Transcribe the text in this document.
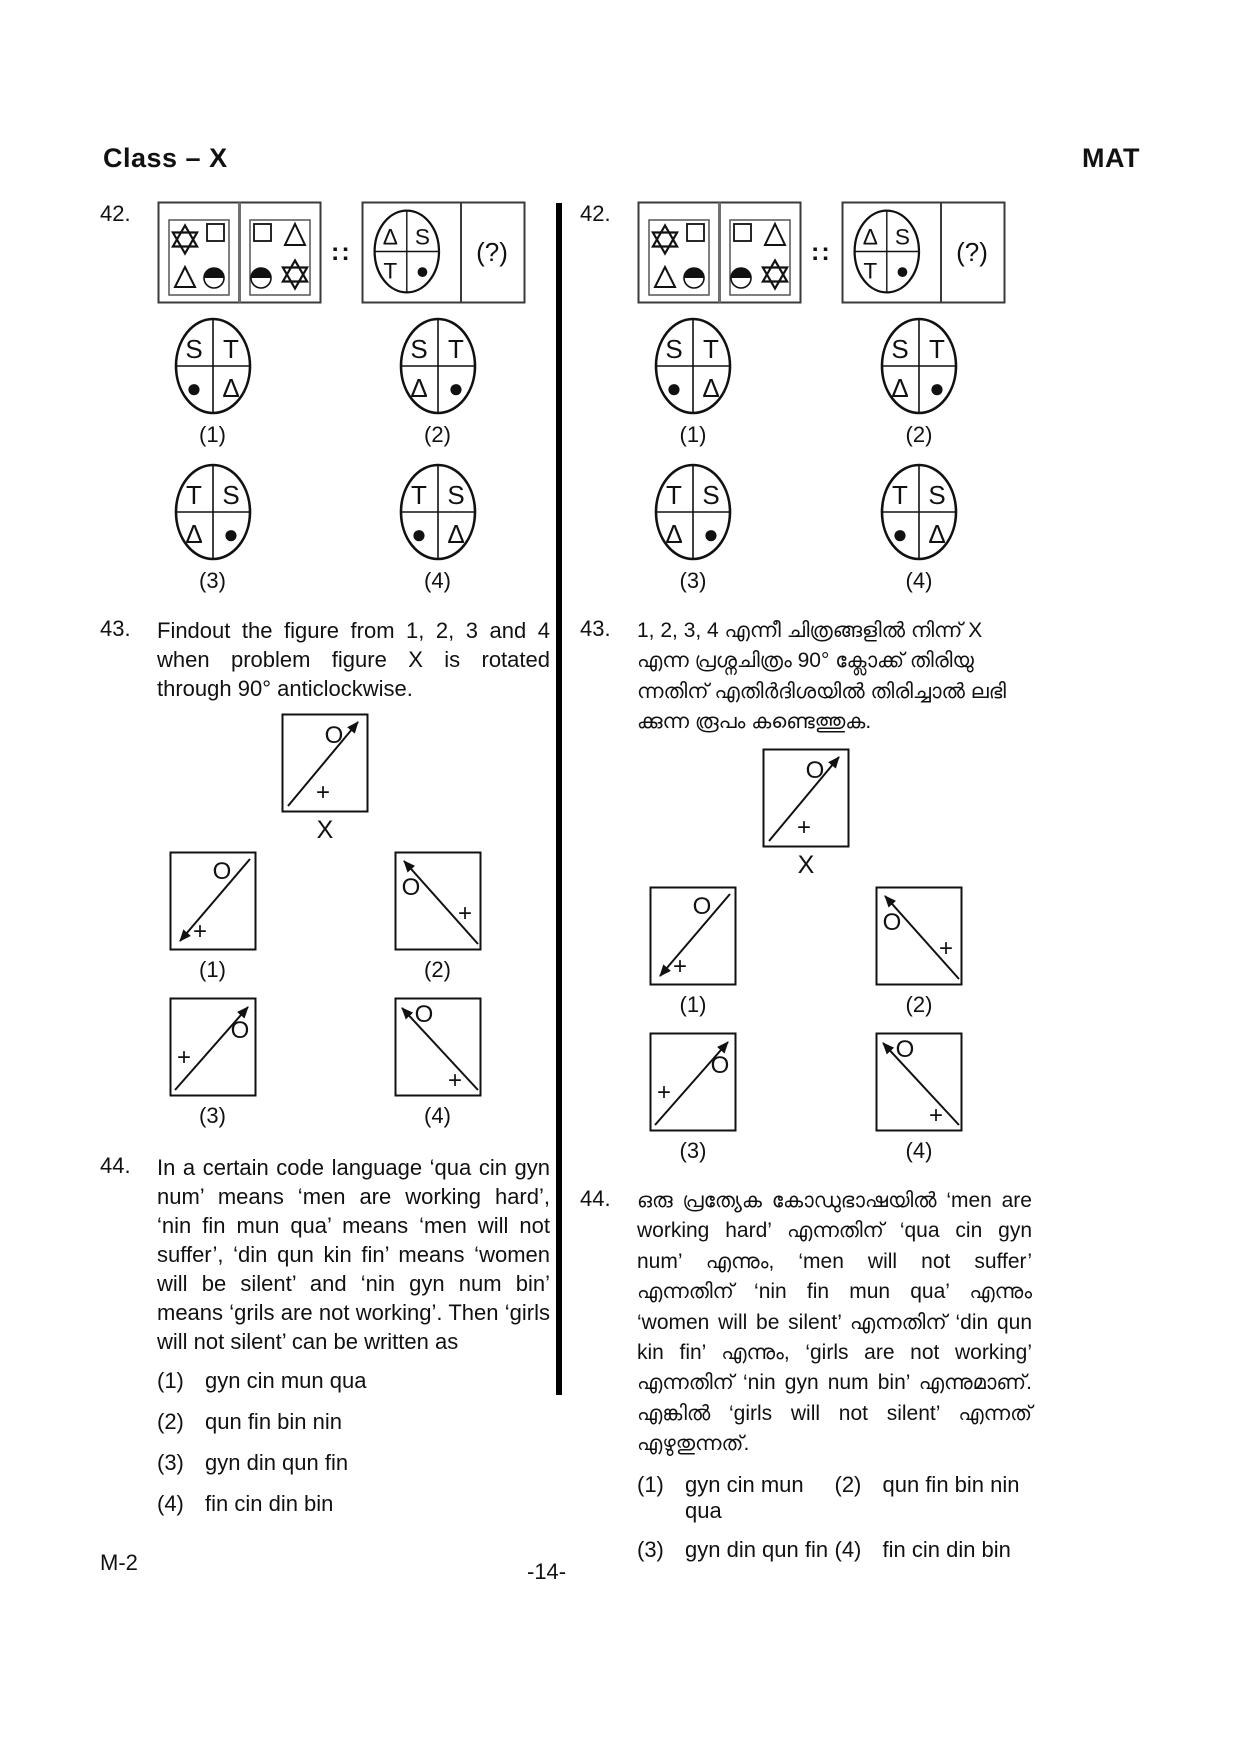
Class – X	MAT
42.
::
(1)	(2)
(3)	(4)
43.	Findout the figure from 1, 2, 3 and 4 when problem figure X is rotated through 90° anticlockwise.
X
(1)	(2)
(3)	(4)
44.	In a certain code language ‘qua cin gyn num’ means ‘men are working hard’, ‘nin fin mun qua’ means ‘men will not suffer’, ‘din qun kin fin’ means ‘women will be silent’ and ‘nin gyn num bin’ means ‘grils are not working’. Then ‘girls will not silent’ can be written as
(1) gyn cin mun qua
(2) qun fin bin nin
(3) gyn din qun fin
(4) fin cin din bin
42.
::
(1)	(2)
(3)	(4)
43.	1, 2, 3, 4 എന്നീ ചിത്രങ്ങളിൽ നിന്ന് X
എന്ന പ്രശ്നചിത്രം 90° ക്ലോക്ക് തിരിയു
ന്നതിന് എതിർദിശയിൽ തിരിച്ചാൽ ലഭി
ക്കുന്ന രൂപം കണ്ടെത്തുക.
X
(1)	(2)
(3)	(4)
44.	ഒരു പ്രത്യേക കോഡുഭാഷയിൽ ‘men are working hard’ എന്നതിന് ‘qua cin gyn num’ എന്നും, ‘men will not suffer’ എന്നതിന് ‘nin fin mun qua’ എന്നും ‘women will be silent’ എന്നതിന് ‘din qun kin fin’ എന്നും, ‘girls are not working’ എന്നതിന് ‘nin gyn num bin’ എന്നുമാണ്. എങ്കിൽ ‘girls will not silent’ എന്നത് എഴുതുന്നത്.
(1) gyn cin mun qua
(2) qun fin bin nin
(3) gyn din qun fin (4) fin cin din bin
M-2	-14-
